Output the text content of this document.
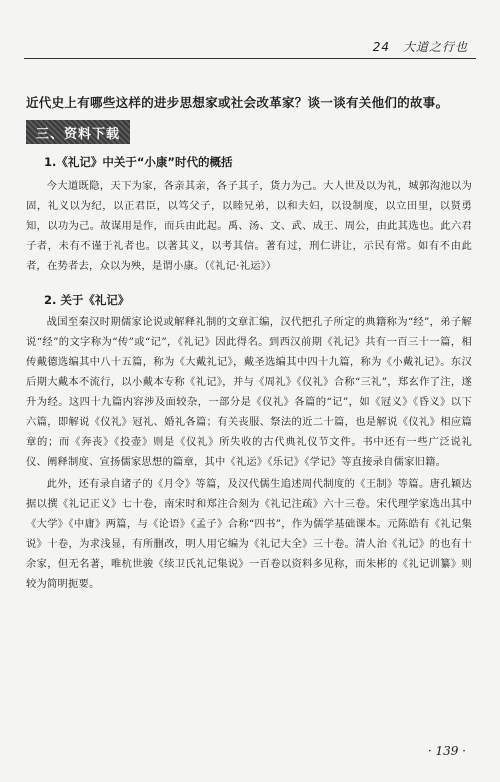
24　大道之行也
近代史上有哪些这样的进步思想家或社会改革家？谈一谈有关他们的故事。
三、资料下载
1.《礼记》中关于“小康”时代的概括
今大道既隐，天下为家，各亲其亲，各子其子，货力为己。大人世及以为礼，城郭沟池以为固，礼义以为纪，以正君臣，以笃父子，以睦兄弟，以和夫妇，以设制度，以立田里，以贤勇知，以功为己。故谋用是作，而兵由此起。禹、汤、文、武、成王、周公，由此其选也。此六君子者，未有不谨于礼者也。以著其义，以考其信。著有过，刑仁讲让，示民有常。如有不由此者，在势者去，众以为殃，是谓小康。（《礼记·礼运》）
2. 关于《礼记》
战国至秦汉时期儒家论说或解释礼制的文章汇编，汉代把孔子所定的典籍称为“经”，弟子解说“经”的文字称为“传”或“记”，《礼记》因此得名。到西汉前期《礼记》共有一百三十一篇，相传戴德选编其中八十五篇，称为《大戴礼记》，戴圣选编其中四十九篇，称为《小戴礼记》。东汉后期大戴本不流行，以小戴本专称《礼记》，并与《周礼》《仪礼》合称“三礼”，郑玄作了注，遂升为经。这四十九篇内容涉及面较杂，一部分是《仪礼》各篇的“记”，如《冠义》《昏义》以下六篇，即解说《仪礼》冠礼、婚礼各篇；有关丧服、祭法的近二十篇，也是解说《仪礼》相应篇章的；而《奔丧》《投壶》则是《仪礼》所失收的古代典礼仪节文件。书中还有一些广泛说礼仪、阐释制度、宣扬儒家思想的篇章，其中《礼运》《乐记》《学记》等直接录自儒家旧籍。
此外，还有录自诸子的《月令》等篇，及汉代儒生追述周代制度的《王制》等篇。唐孔颖达据以撰《礼记正义》七十卷，南宋时和郑注合刻为《礼记注疏》六十三卷。宋代理学家选出其中《大学》《中庸》两篇，与《论语》《孟子》合称“四书”，作为儒学基础课本。元陈皓有《礼记集说》十卷，为求浅显，有所删改，明人用它编为《礼记大全》三十卷。清人治《礼记》的也有十余家，但无名著，唯杭世骏《续卫氏礼记集说》一百卷以资料多见称，而朱彬的《礼记训纂》则较为简明扼要。
· 139 ·
